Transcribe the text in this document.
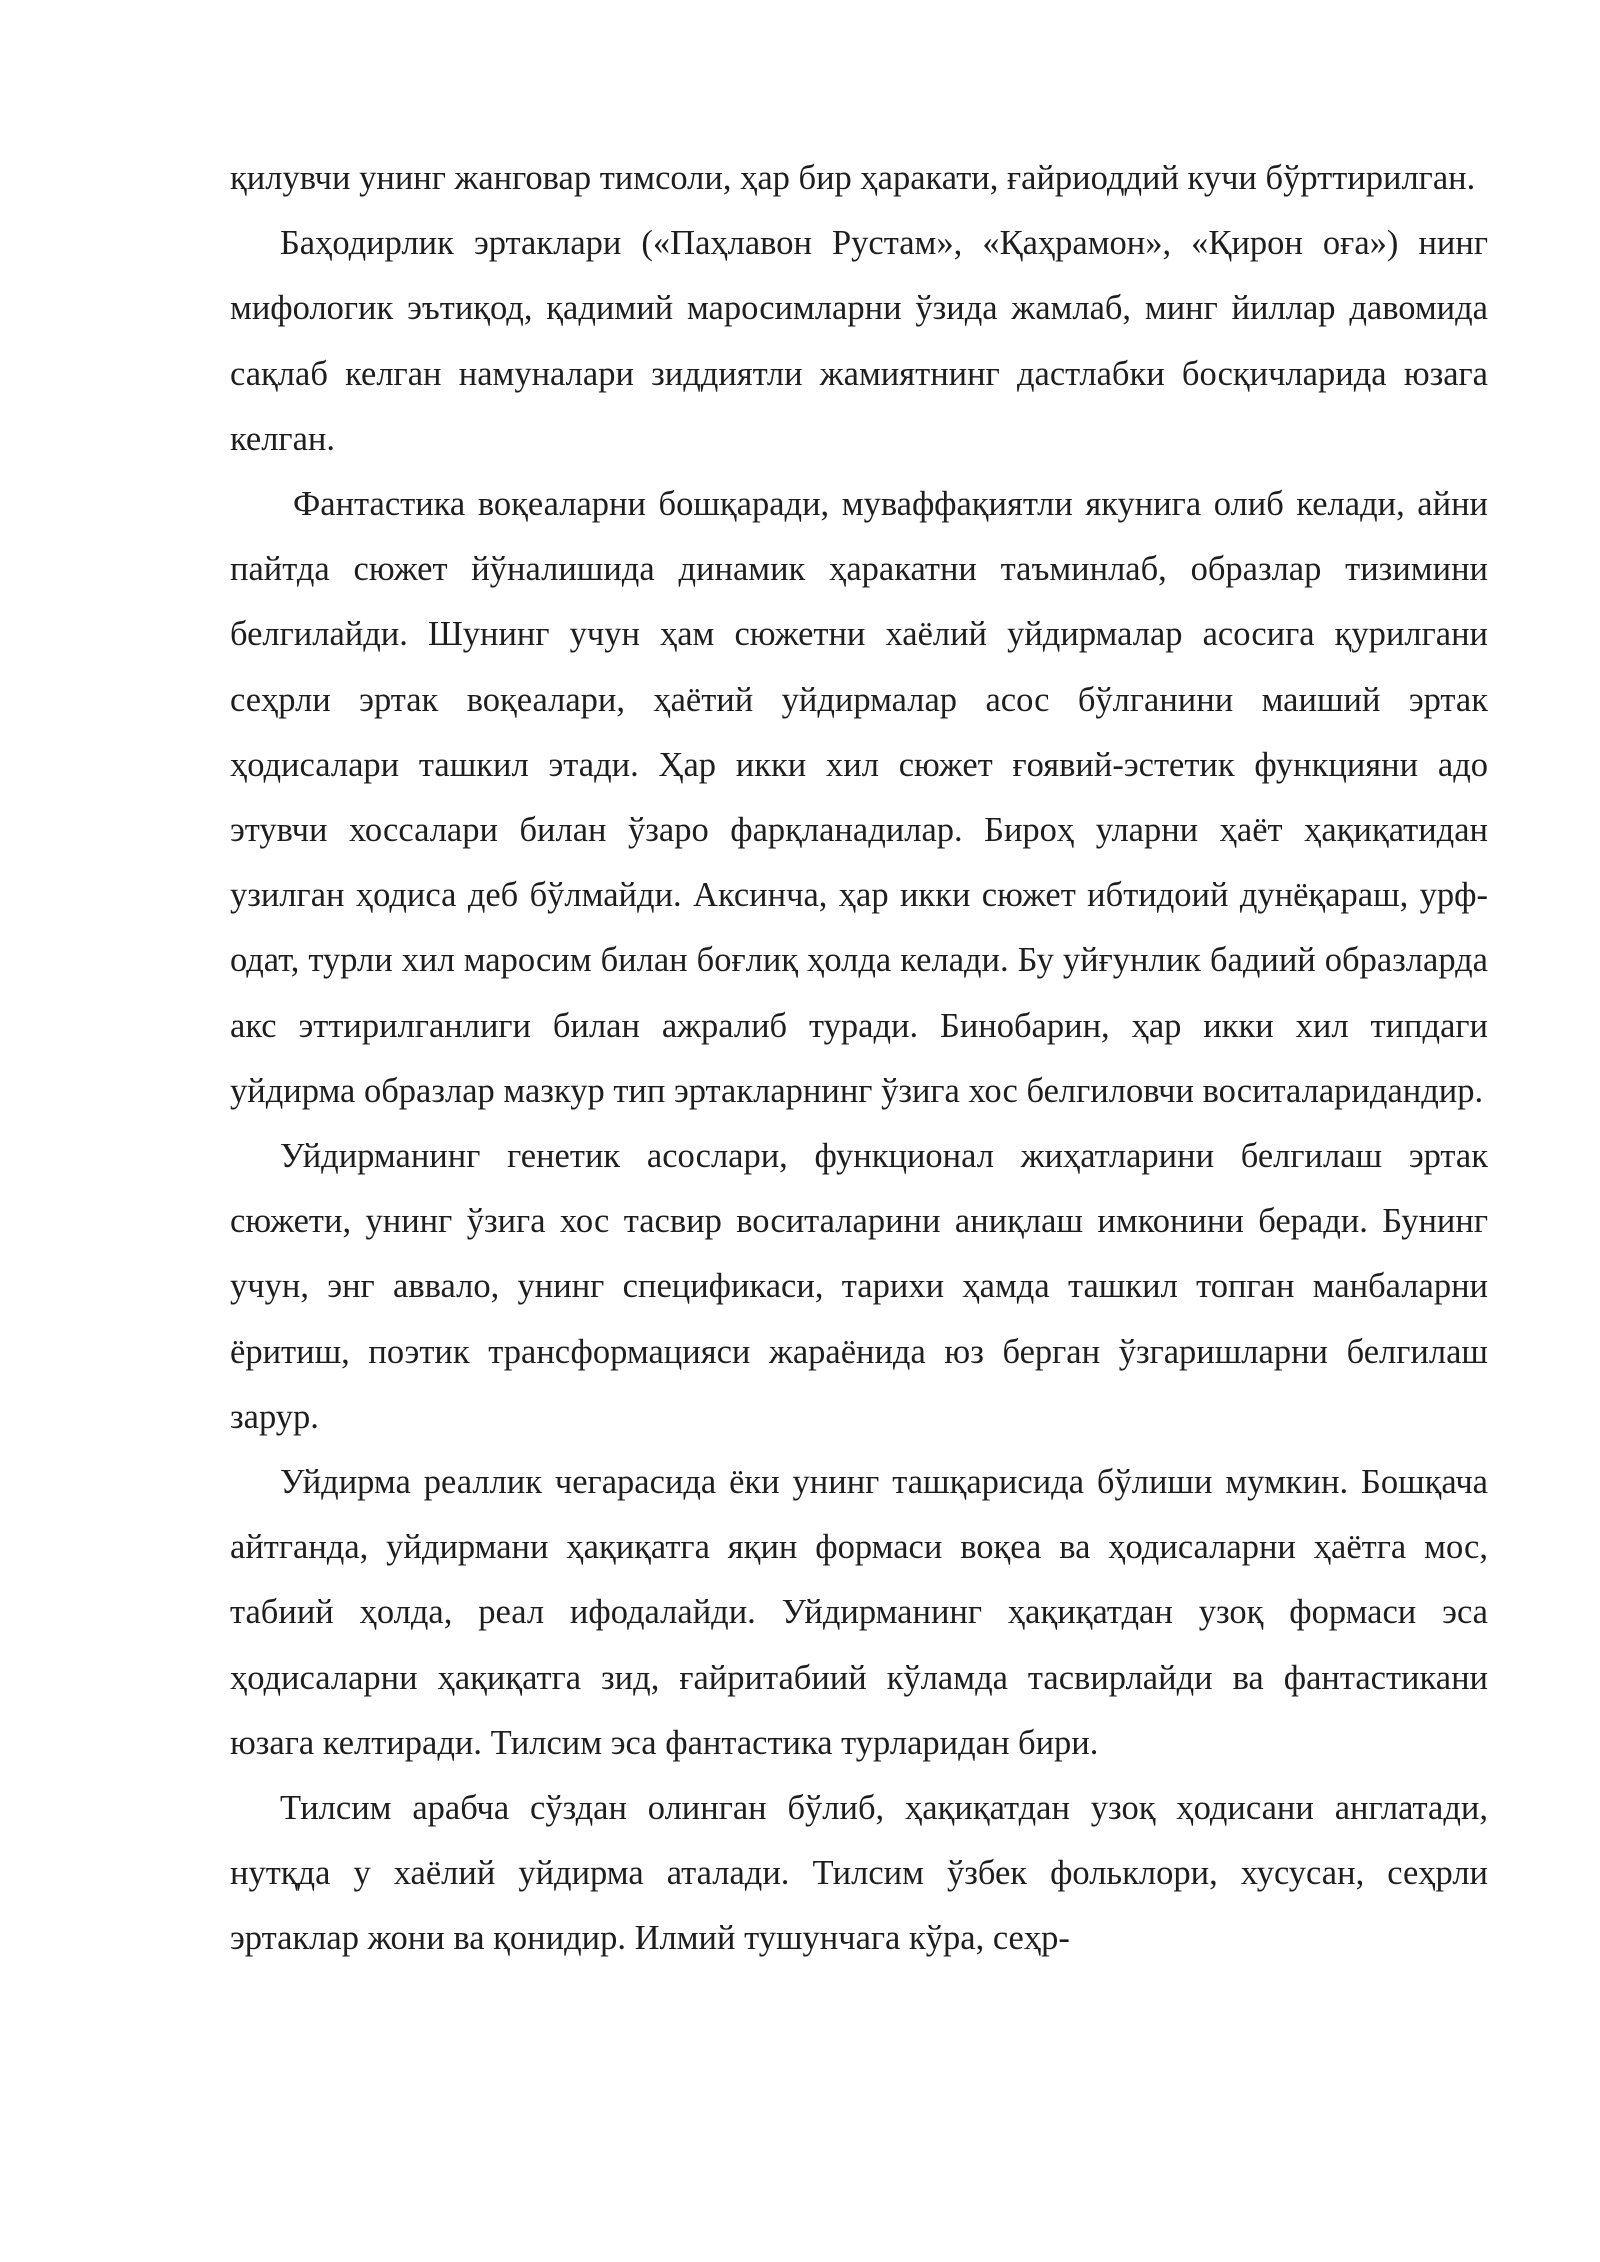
қилувчи унинг жанговар тимсоли, ҳар бир ҳаракати, ғайриоддий кучи бўрттирилган.

Баҳодирлик эртаклари («Паҳлавон Рустам», «Қаҳрамон», «Қирон оға») нинг мифологик эътиқод, қадимий маросимларни ўзида жамлаб, минг йиллар давомида сақлаб келган намуналари зиддиятли жамиятнинг дастлабки босқичларида юзага келган.

Фантастика воқеаларни бошқаради, муваффақиятли якунига олиб келади, айни пайтда сюжет йўналишида динамик ҳаракатни таъминлаб, образлар тизимини белгилайди. Шунинг учун ҳам сюжетни хаёлий уйдирмалар асосига қурилгани сеҳрли эртак воқеалари, ҳаётий уйдирмалар асос бўлганини маиший эртак ҳодисалари ташкил этади. Ҳар икки хил сюжет ғоявий-эстетик функцияни адо этувчи хоссалари билан ўзаро фарқланадилар. Бироҳ уларни ҳаёт ҳақиқатидан узилган ҳодиса деб бўлмайди. Аксинча, ҳар икки сюжет ибтидоий дунёқараш, урф-одат, турли хил маросим билан боғлиқ ҳолда келади. Бу уйғунлик бадиий образларда акс эттирилганлиги билан ажралиб туради. Бинобарин, ҳар икки хил типдаги уйдирма образлар мазкур тип эртакларнинг ўзига хос белгиловчи воситаларидандир.

Уйдирманинг генетик асослари, функционал жиҳатларини белгилаш эртак сюжети, унинг ўзига хос тасвир воситаларини аниқлаш имконини беради. Бунинг учун, энг аввало, унинг спецификаси, тарихи ҳамда ташкил топган манбаларни ёритиш, поэтик трансформацияси жараёнида юз берган ўзгаришларни белгилаш зарур.

Уйдирма реаллик чегарасида ёки унинг ташқарисида бўлиши мумкин. Бошқача айтганда, уйдирмани ҳақиқатга яқин формаси воқеа ва ҳодисаларни ҳаётга мос, табиий ҳолда, реал ифодалайди. Уйдирманинг ҳақиқатдан узоқ формаси эса ҳодисаларни ҳақиқатга зид, ғайритабиий кўламда тасвирлайди ва фантастикани юзага келтиради. Тилсим эса фантастика турларидан бири.

Тилсим арабча сўздан олинган бўлиб, ҳақиқатдан узоқ ҳодисани англатади, нутқда у хаёлий уйдирма аталади. Тилсим ўзбек фольклори, хусусан, сеҳрли эртаклар жони ва қонидир. Илмий тушунчага кўра, сеҳр-
